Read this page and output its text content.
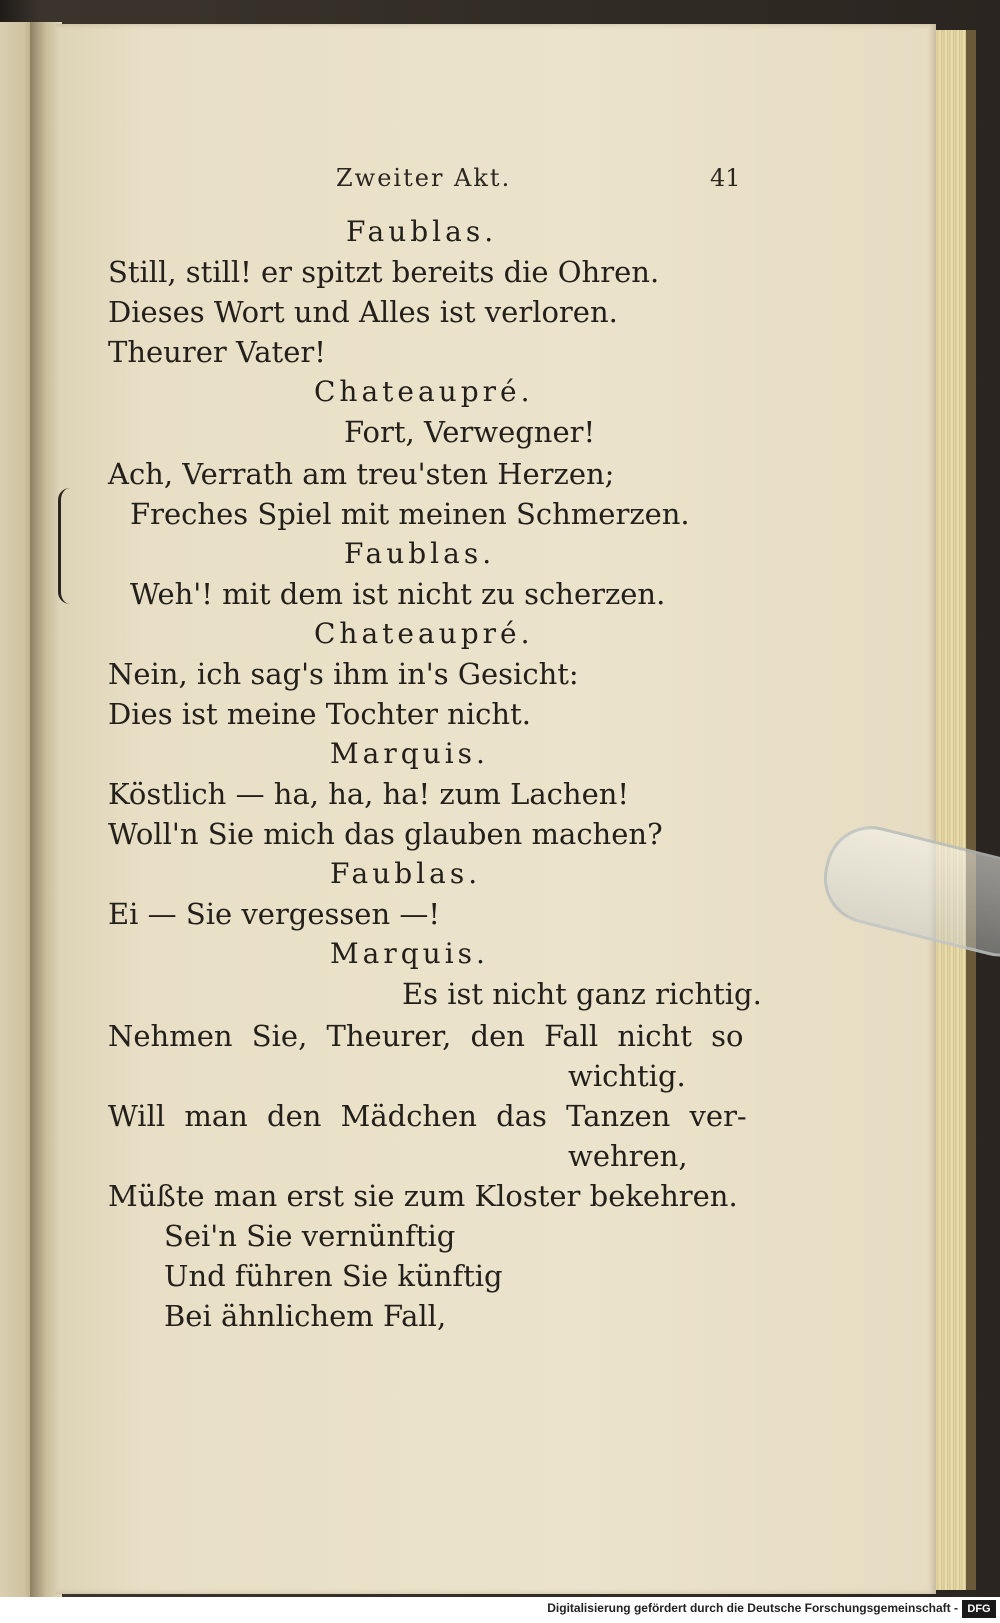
Zweiter Akt.	41
Faublas.
Still, still! er spitzt bereits die Ohren.
Dieses Wort und Alles ist verloren.
Theurer Vater!
Chateaupré.
Fort, Verwegner!
Ach, Verrath am treu'sten Herzen;
Freches Spiel mit meinen Schmerzen.
Faublas.
Weh'! mit dem ist nicht zu scherzen.
Chateaupré.
Nein, ich sag's ihm in's Gesicht:
Dies ist meine Tochter nicht.
Marquis.
Köstlich — ha, ha, ha! zum Lachen!
Woll'n Sie mich das glauben machen?
Faublas.
Ei — Sie vergessen —!
Marquis.
Es ist nicht ganz richtig.
Nehmen Sie, Theurer, den Fall nicht so
wichtig.
Will man den Mädchen das Tanzen ver-
wehren,
Müßte man erst sie zum Kloster bekehren.
Sei'n Sie vernünftig
Und führen Sie künftig
Bei ähnlichem Fall,
Digitalisierung gefördert durch die Deutsche Forschungsgemeinschaft - DFG
